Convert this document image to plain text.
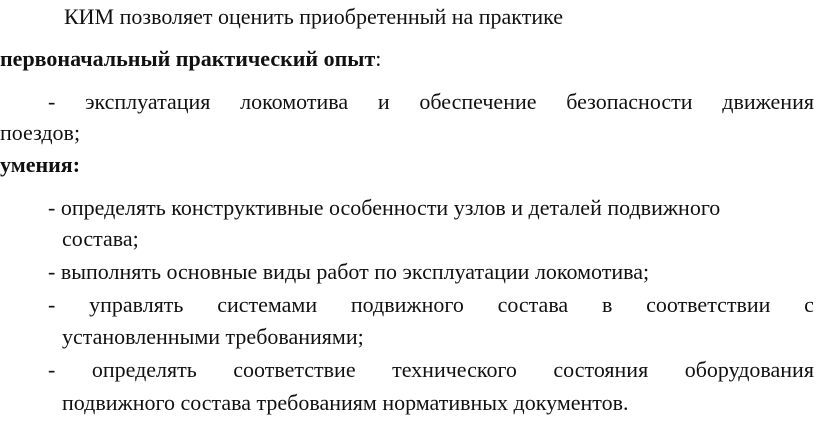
КИМ позволяет оценить приобретенный на практике
первоначальный практический опыт:
- эксплуатация локомотива и обеспечение безопасности движения
поездов;
умения:
- определять конструктивные особенности узлов и деталей подвижного
состава;
- выполнять основные виды работ по эксплуатации локомотива;
- управлять системами подвижного состава в соответствии с
установленными требованиями;
- определять соответствие технического состояния оборудования
подвижного состава требованиям нормативных документов.
